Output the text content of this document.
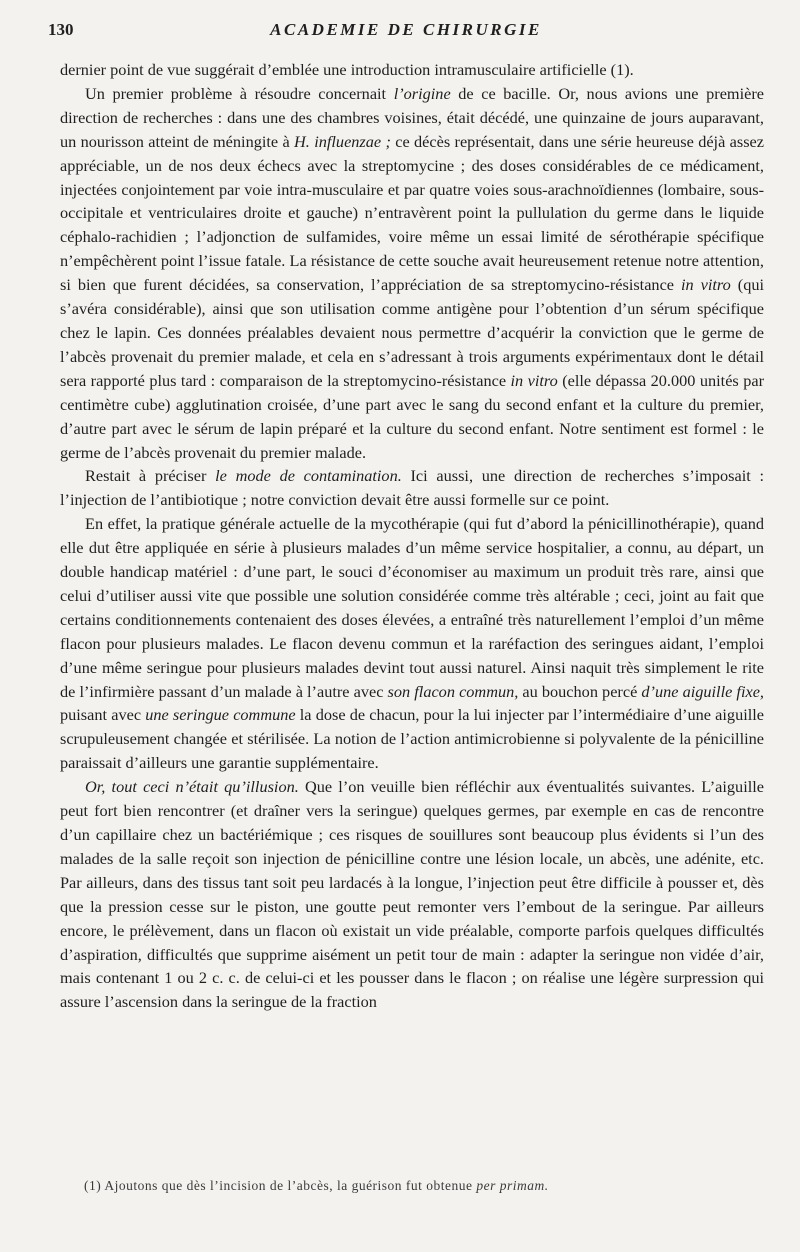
130	ACADEMIE DE CHIRURGIE

dernier point de vue suggérait d’emblée une introduction intramusculaire artificielle (1).

Un premier problème à résoudre concernait l’origine de ce bacille. Or, nous avions une première direction de recherches : dans une des chambres voisines, était décédé, une quinzaine de jours auparavant, un nourisson atteint de méningite à H. influenzae ; ce décès représentait, dans une série heureuse déjà assez appréciable, un de nos deux échecs avec la streptomycine ; des doses considérables de ce médicament, injectées conjointement par voie intra-musculaire et par quatre voies sous-arachnoïdiennes (lombaire, sous-occipitale et ventriculaires droite et gauche) n’entravèrent point la pullulation du germe dans le liquide céphalo-rachidien ; l’adjonction de sulfamides, voire même un essai limité de sérothérapie spécifique n’empêchèrent point l’issue fatale. La résistance de cette souche avait heureusement retenue notre attention, si bien que furent décidées, sa conservation, l’appréciation de sa streptomycino-résistance in vitro (qui s’avéra considérable), ainsi que son utilisation comme antigène pour l’obtention d’un sérum spécifique chez le lapin. Ces données préalables devaient nous permettre d’acquérir la conviction que le germe de l’abcès provenait du premier malade, et cela en s’adressant à trois arguments expérimentaux dont le détail sera rapporté plus tard : comparaison de la streptomycino-résistance in vitro (elle dépassa 20.000 unités par centimètre cube) agglutination croisée, d’une part avec le sang du second enfant et la culture du premier, d’autre part avec le sérum de lapin préparé et la culture du second enfant. Notre sentiment est formel : le germe de l’abcès provenait du premier malade.

Restait à préciser le mode de contamination. Ici aussi, une direction de recherches s’imposait : l’injection de l’antibiotique ; notre conviction devait être aussi formelle sur ce point.

En effet, la pratique générale actuelle de la mycothérapie (qui fut d’abord la pénicillinothérapie), quand elle dut être appliquée en série à plusieurs malades d’un même service hospitalier, a connu, au départ, un double handicap matériel : d’une part, le souci d’économiser au maximum un produit très rare, ainsi que celui d’utiliser aussi vite que possible une solution considérée comme très altérable ; ceci, joint au fait que certains conditionnements contenaient des doses élevées, a entraîné très naturellement l’emploi d’un même flacon pour plusieurs malades. Le flacon devenu commun et la raréfaction des seringues aidant, l’emploi d’une même seringue pour plusieurs malades devint tout aussi naturel. Ainsi naquit très simplement le rite de l’infirmière passant d’un malade à l’autre avec son flacon commun, au bouchon percé d’une aiguille fixe, puisant avec une seringue commune la dose de chacun, pour la lui injecter par l’intermédiaire d’une aiguille scrupuleusement changée et stérilisée. La notion de l’action antimicrobienne si polyvalente de la pénicilline paraissait d’ailleurs une garantie supplémentaire.

Or, tout ceci n’était qu’illusion. Que l’on veuille bien réfléchir aux éventualités suivantes. L’aiguille peut fort bien rencontrer (et draîner vers la seringue) quelques germes, par exemple en cas de rencontre d’un capillaire chez un bactériémique ; ces risques de souillures sont beaucoup plus évidents si l’un des malades de la salle reçoit son injection de pénicilline contre une lésion locale, un abcès, une adénite, etc. Par ailleurs, dans des tissus tant soit peu lardacés à la longue, l’injection peut être difficile à pousser et, dès que la pression cesse sur le piston, une goutte peut remonter vers l’embout de la seringue. Par ailleurs encore, le prélèvement, dans un flacon où existait un vide préalable, comporte parfois quelques difficultés d’aspiration, difficultés que supprime aisément un petit tour de main : adapter la seringue non vidée d’air, mais contenant 1 ou 2 c. c. de celui-ci et les pousser dans le flacon ; on réalise une légère surpression qui assure l’ascension dans la seringue de la fraction

(1) Ajoutons que dès l’incision de l’abcès, la guérison fut obtenue per primam.
